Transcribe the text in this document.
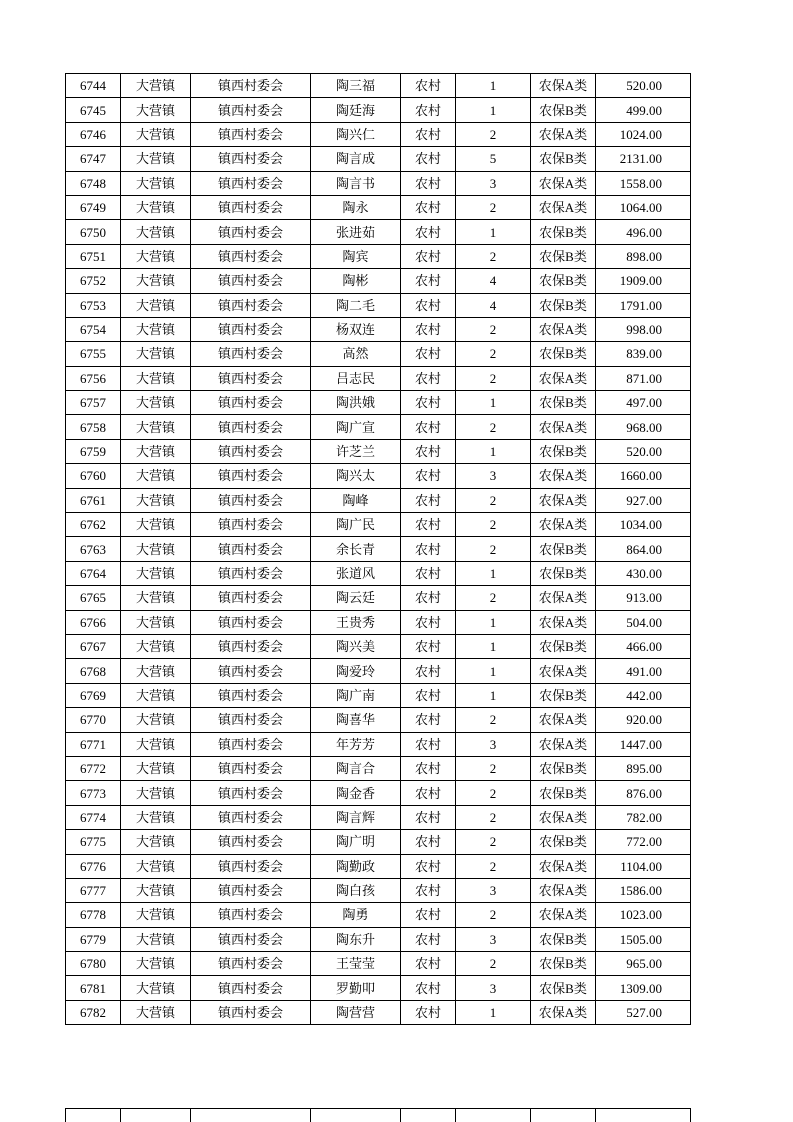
6744	大营镇	镇西村委会	陶三福	农村	1	农保A类	520.00
6745	大营镇	镇西村委会	陶廷海	农村	1	农保B类	499.00
6746	大营镇	镇西村委会	陶兴仁	农村	2	农保A类	1024.00
6747	大营镇	镇西村委会	陶言成	农村	5	农保B类	2131.00
6748	大营镇	镇西村委会	陶言书	农村	3	农保A类	1558.00
6749	大营镇	镇西村委会	陶永	农村	2	农保A类	1064.00
6750	大营镇	镇西村委会	张进茹	农村	1	农保B类	496.00
6751	大营镇	镇西村委会	陶宾	农村	2	农保B类	898.00
6752	大营镇	镇西村委会	陶彬	农村	4	农保B类	1909.00
6753	大营镇	镇西村委会	陶二毛	农村	4	农保B类	1791.00
6754	大营镇	镇西村委会	杨双连	农村	2	农保A类	998.00
6755	大营镇	镇西村委会	高然	农村	2	农保B类	839.00
6756	大营镇	镇西村委会	吕志民	农村	2	农保A类	871.00
6757	大营镇	镇西村委会	陶洪娥	农村	1	农保B类	497.00
6758	大营镇	镇西村委会	陶广宣	农村	2	农保A类	968.00
6759	大营镇	镇西村委会	许芝兰	农村	1	农保B类	520.00
6760	大营镇	镇西村委会	陶兴太	农村	3	农保A类	1660.00
6761	大营镇	镇西村委会	陶峰	农村	2	农保A类	927.00
6762	大营镇	镇西村委会	陶广民	农村	2	农保A类	1034.00
6763	大营镇	镇西村委会	余长青	农村	2	农保B类	864.00
6764	大营镇	镇西村委会	张道风	农村	1	农保B类	430.00
6765	大营镇	镇西村委会	陶云廷	农村	2	农保A类	913.00
6766	大营镇	镇西村委会	王贵秀	农村	1	农保A类	504.00
6767	大营镇	镇西村委会	陶兴美	农村	1	农保B类	466.00
6768	大营镇	镇西村委会	陶爱玲	农村	1	农保A类	491.00
6769	大营镇	镇西村委会	陶广南	农村	1	农保B类	442.00
6770	大营镇	镇西村委会	陶喜华	农村	2	农保A类	920.00
6771	大营镇	镇西村委会	年芳芳	农村	3	农保A类	1447.00
6772	大营镇	镇西村委会	陶言合	农村	2	农保B类	895.00
6773	大营镇	镇西村委会	陶金香	农村	2	农保B类	876.00
6774	大营镇	镇西村委会	陶言辉	农村	2	农保A类	782.00
6775	大营镇	镇西村委会	陶广明	农村	2	农保B类	772.00
6776	大营镇	镇西村委会	陶勤政	农村	2	农保A类	1104.00
6777	大营镇	镇西村委会	陶白孩	农村	3	农保A类	1586.00
6778	大营镇	镇西村委会	陶勇	农村	2	农保A类	1023.00
6779	大营镇	镇西村委会	陶东升	农村	3	农保B类	1505.00
6780	大营镇	镇西村委会	王莹莹	农村	2	农保B类	965.00
6781	大营镇	镇西村委会	罗勤叩	农村	3	农保B类	1309.00
6782	大营镇	镇西村委会	陶营营	农村	1	农保A类	527.00
